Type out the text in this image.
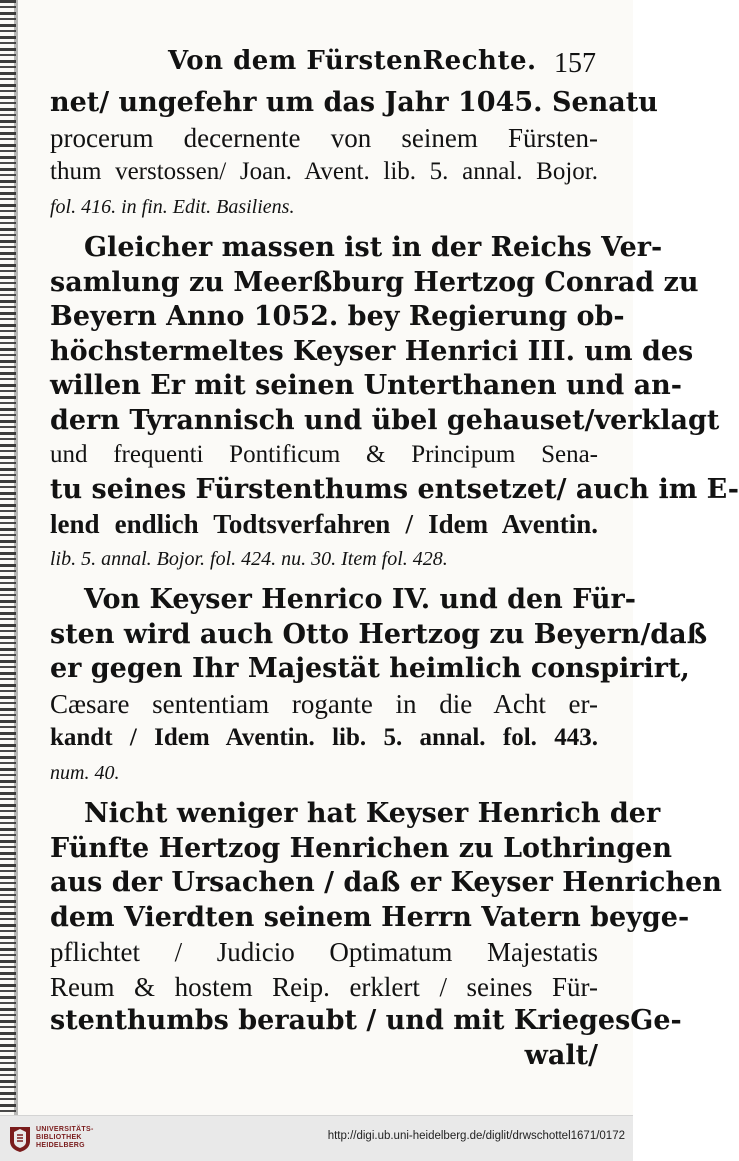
Von dem FürstenRechte. 157
net/ ungefehr um das Jahr 1045. Senatu
procerum decernente von seinem Fürsten-
thum verstossen/ Joan. Avent. lib. 5. annal. Bojor.
fol. 416. in fin. Edit. Basiliens.
Gleicher massen ist in der Reichs Ver-
samlung zu Meerßburg Hertzog Conrad zu
Beyern Anno 1052. bey Regierung ob-
höchstermeltes Keyser Henrici III. um des
willen Er mit seinen Unterthanen und an-
dern Tyrannisch und übel gehauset/verklagt
und frequenti Pontificum & Principum Sena-
tu seines Fürstenthums entsetzet/ auch im E-
lend endlich Todtsverfahren / Idem Aventin.
lib. 5. annal. Bojor. fol. 424. nu. 30. Item fol. 428.
Von Keyser Henrico IV. und den Für-
sten wird auch Otto Hertzog zu Beyern/daß
er gegen Ihr Majestät heimlich conspirirt,
Cæsare sententiam rogante in die Acht er-
kandt / Idem Aventin. lib. 5. annal. fol. 443.
num. 40.
Nicht weniger hat Keyser Henrich der
Fünfte Hertzog Henrichen zu Lothringen
aus der Ursachen / daß er Keyser Henrichen
dem Vierdten seinem Herrn Vatern beyge-
pflichtet / Judicio Optimatum Majestatis
Reum & hostem Reip. erklert / seines Für-
stenthumbs beraubt / und mit KriegesGe-
walt/
UNIVERSITÄTS-
BIBLIOTHEK
HEIDELBERG
http://digi.ub.uni-heidelberg.de/diglit/drwschottel1671/0172
